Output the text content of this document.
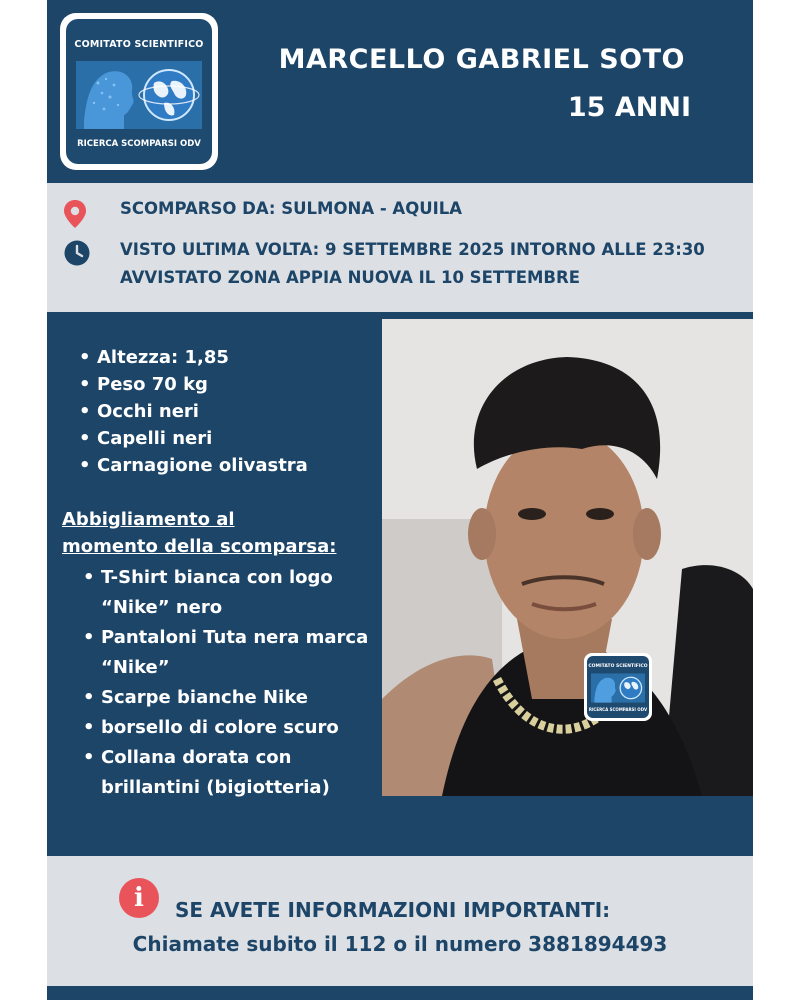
COMITATO SCIENTIFICO
RICERCA SCOMPARSI ODV
MARCELLO GABRIEL SOTO
15 ANNI
SCOMPARSO DA: SULMONA - AQUILA
VISTO ULTIMA VOLTA: 9 SETTEMBRE 2025 INTORNO ALLE 23:30
AVVISTATO ZONA APPIA NUOVA IL 10 SETTEMBRE
• Altezza: 1,85
• Peso 70 kg
• Occhi neri
• Capelli neri
• Carnagione olivastra
Abbigliamento al
momento della scomparsa:
• T-Shirt bianca con logo “Nike” nero
• Pantaloni Tuta nera marca “Nike”
• Scarpe bianche Nike
• borsello di colore scuro
• Collana dorata con brillantini (bigiotteria)
COMITATO SCIENTIFICO
RICERCA SCOMPARSI ODV
i	SE AVETE INFORMAZIONI IMPORTANTI:
Chiamate subito il 112 o il numero 3881894493
